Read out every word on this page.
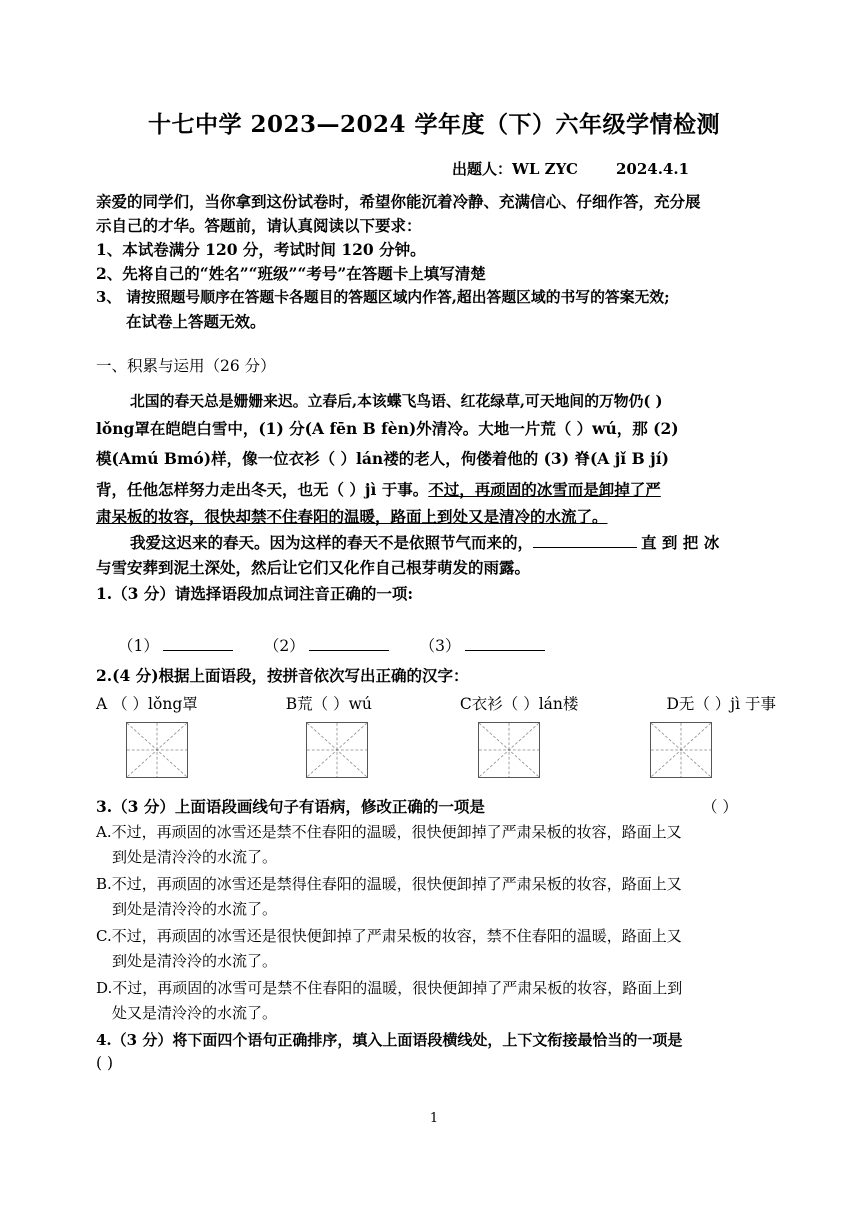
十七中学 2023—2024 学年度（下）六年级学情检测
出题人：WL ZYC	2024.4.1
亲爱的同学们，当你拿到这份试卷时，希望你能沉着冷静、充满信心、仔细作答，充分展
示自己的才华。答题前，请认真阅读以下要求：
1、本试卷满分 120 分，考试时间 120 分钟。
2、先将自己的“姓名”“班级”“考号”在答题卡上填写清楚
3、 请按照题号顺序在答题卡各题目的答题区域内作答,超出答题区域的书写的答案无效;
在试卷上答题无效。
一、积累与运用（26 分）
北国的春天总是姗姗来迟。立春后,本该蝶飞鸟语、红花绿草,可天地间的万物仍( )
lǒng罩在皑皑白雪中，(1) 分(A fēn B fèn)外清冷。大地一片荒（ ）wú，那 (2)
模(Amú Bmó)样，像一位衣衫（ ）lán褛的老人，佝偻着他的 (3) 脊(A jǐ B jí)
背，任他怎样努力走出冬天，也无（ ）jì 于事。不过，再顽固的冰雪而是卸掉了严
肃呆板的妆容，很快却禁不住春阳的温暖，路面上到处又是清冷的水流了。
我爱这迟来的春天。因为这样的春天不是依照节气而来的，	直 到 把 冰
与雪安葬到泥土深处，然后让它们又化作自己根芽萌发的雨露。
1.（3 分）请选择语段加点词注音正确的一项:
（1）	（2）	（3）
2.(4 分)根据上面语段，按拼音依次写出正确的汉字：
A （ ）lǒng罩	B荒（ ）wú	C衣衫（ ）lán楼	D无（ ）jì 于事
3.（3 分）上面语段画线句子有语病，修改正确的一项是	（ ）
A.不过，再顽固的冰雪还是禁不住春阳的温暖，很快便卸掉了严肃呆板的妆容，路面上又
到处是清泠泠的水流了。
B.不过，再顽固的冰雪还是禁得住春阳的温暖，很快便卸掉了严肃呆板的妆容，路面上又
到处是清泠泠的水流了。
C.不过，再顽固的冰雪还是很快便卸掉了严肃呆板的妆容，禁不住春阳的温暖，路面上又
到处是清泠泠的水流了。
D.不过，再顽固的冰雪可是禁不住春阳的温暖，很快便卸掉了严肃呆板的妆容，路面上到
处又是清泠泠的水流了。
4.（3 分）将下面四个语句正确排序，填入上面语段横线处，上下文衔接最恰当的一项是
( )
1
